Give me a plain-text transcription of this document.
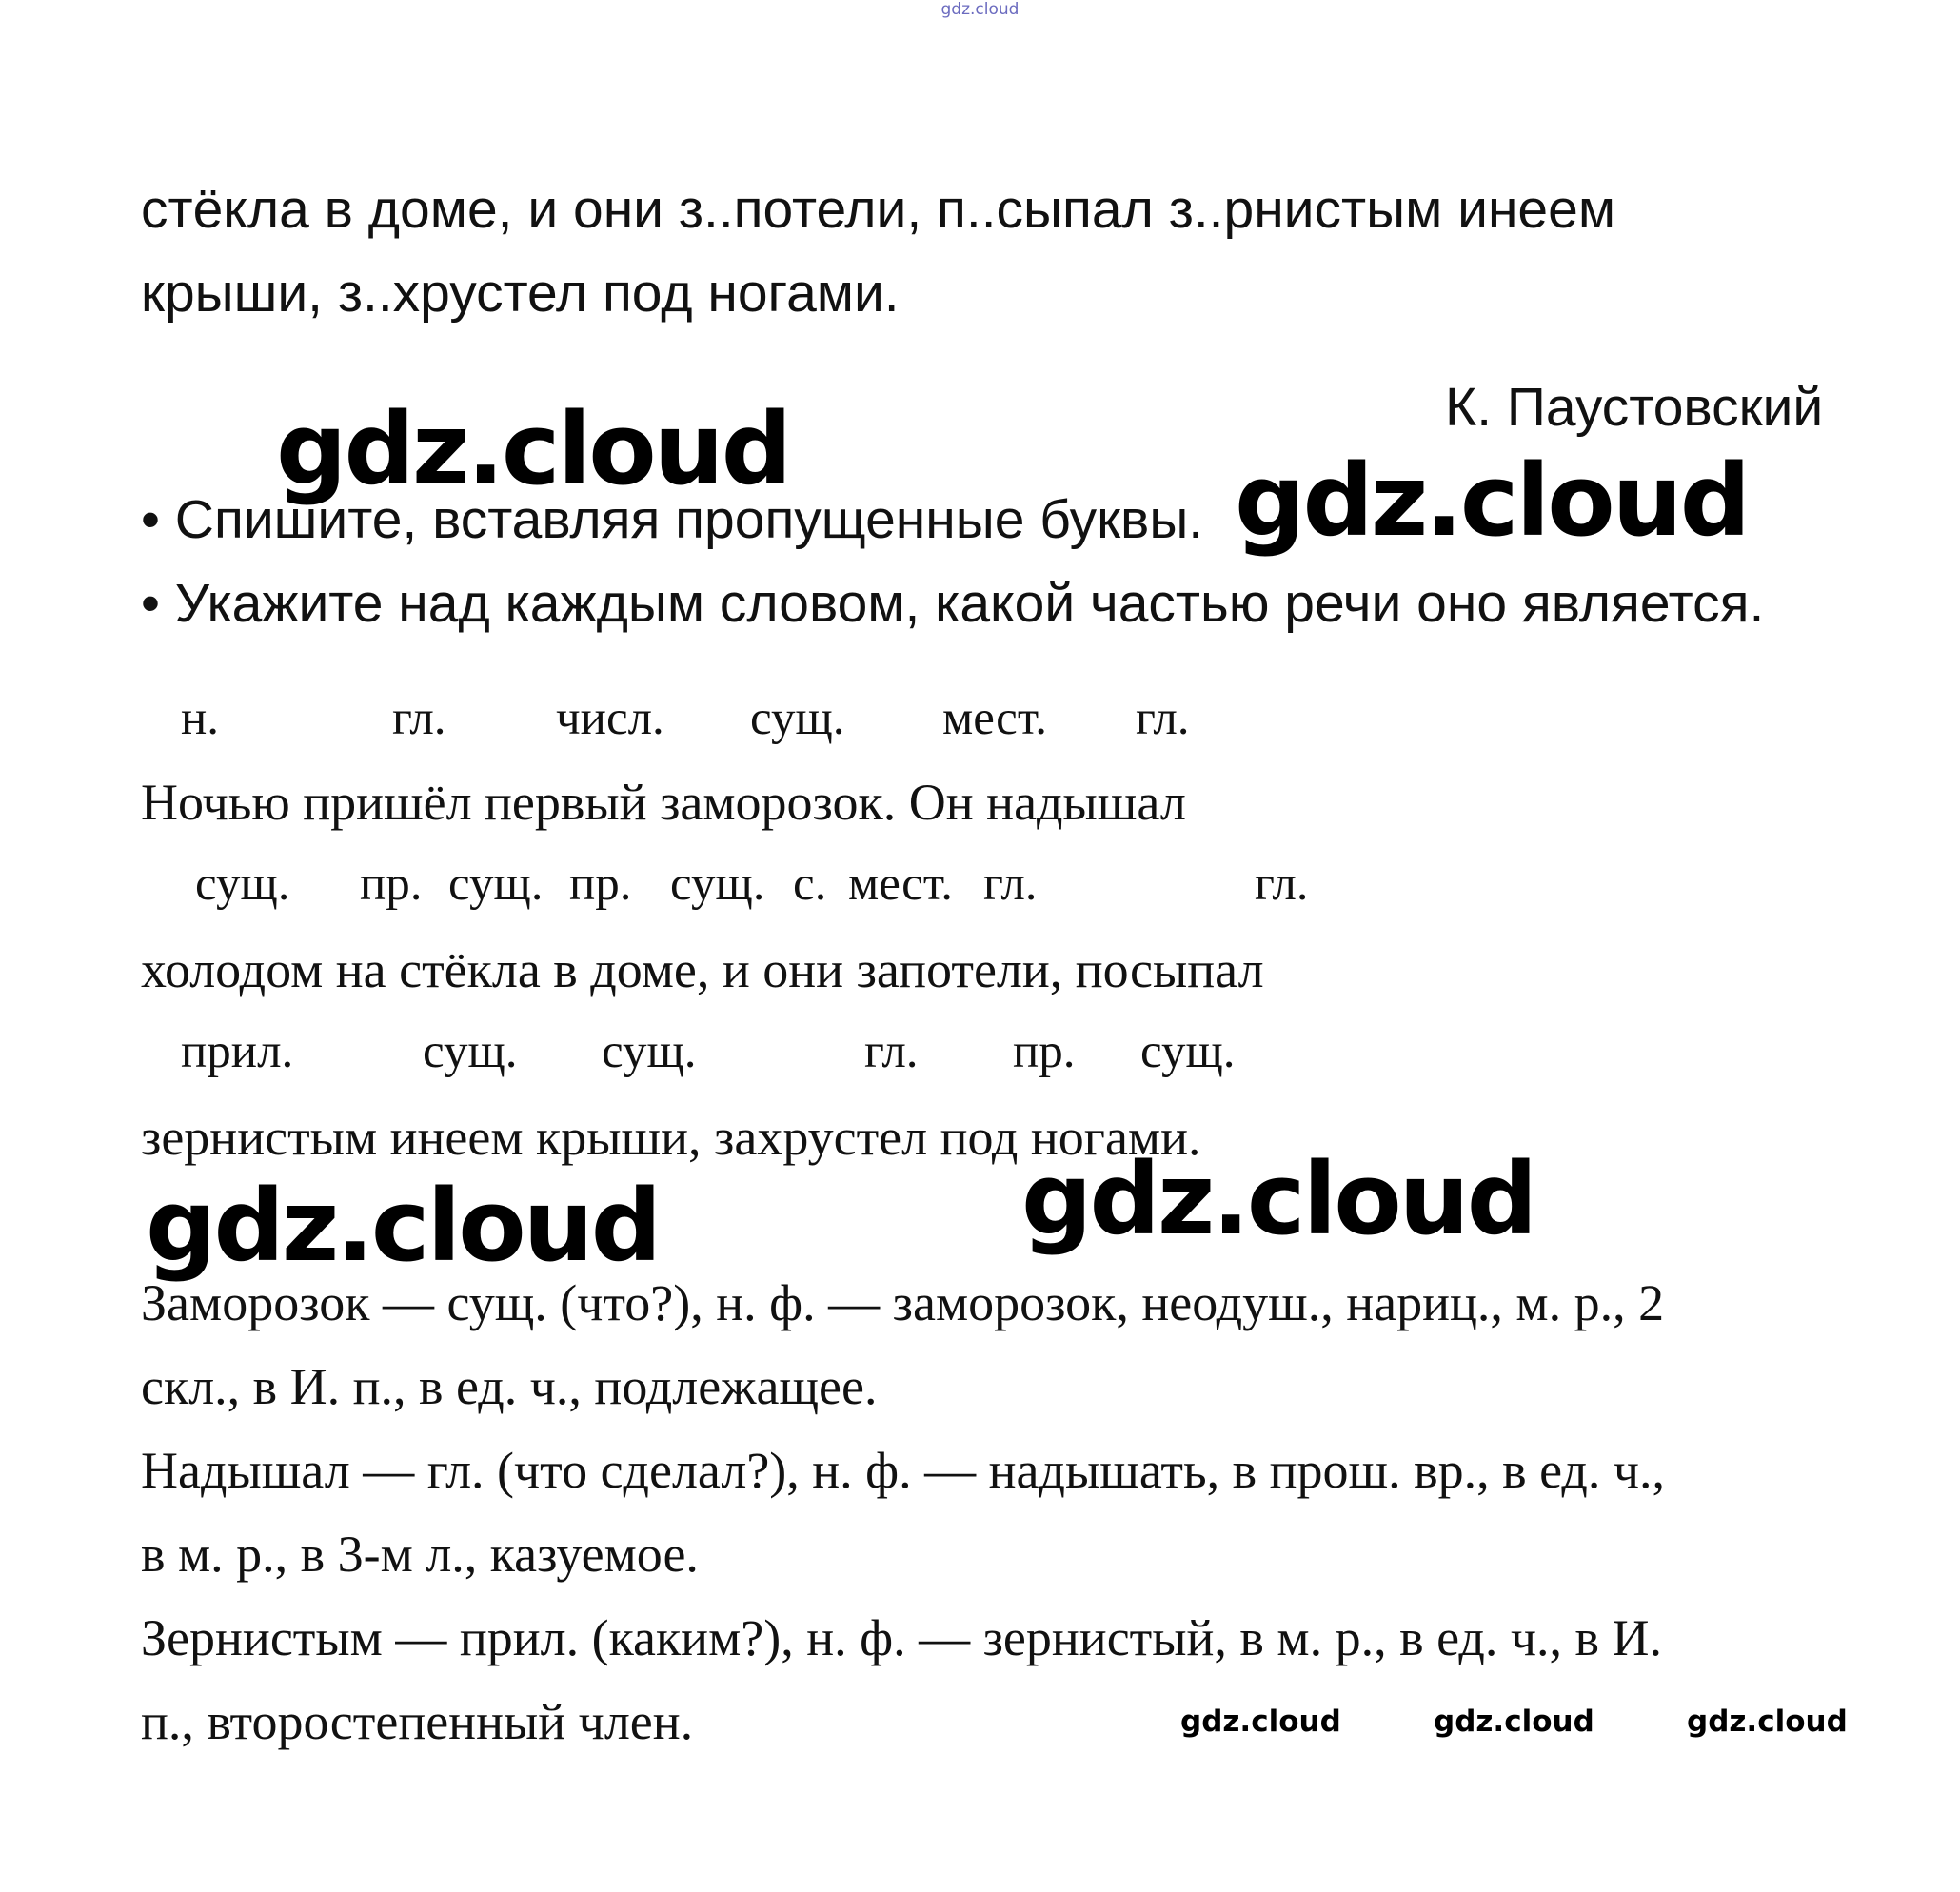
gdz.cloud
стёкла в доме, и они з..потели, п..сыпал з..рнистым инеем
крыши, з..хрустел под ногами.
К. Паустовский
• Спишите, вставляя пропущенные буквы.
• Укажите над каждым словом, какой частью речи оно является.
н.	гл. числ. сущ. мест. гл.
Ночью пришёл первый заморозок. Он надышал
сущ. пр. сущ. пр. сущ. с. мест. гл.	гл.
холодом на стёкла в доме, и они запотели, посыпал
прил.	сущ. сущ.	гл. пр. сущ.
зернистым инеем крыши, захрустел под ногами.
Заморозок — сущ. (что?), н. ф. — заморозок, неодуш., нариц., м. р., 2
скл., в И. п., в ед. ч., подлежащее.
Надышал — гл. (что сделал?), н. ф. — надышать, в прош. вр., в ед. ч.,
в м. р., в 3-м л., казуемое.
Зернистым — прил. (каким?), н. ф. — зернистый, в м. р., в ед. ч., в И.
п., второстепенный член.
gdz.cloud	gdz.cloud
gdz.cloud	gdz.cloud
gdz.cloud	gdz.cloud	gdz.cloud
